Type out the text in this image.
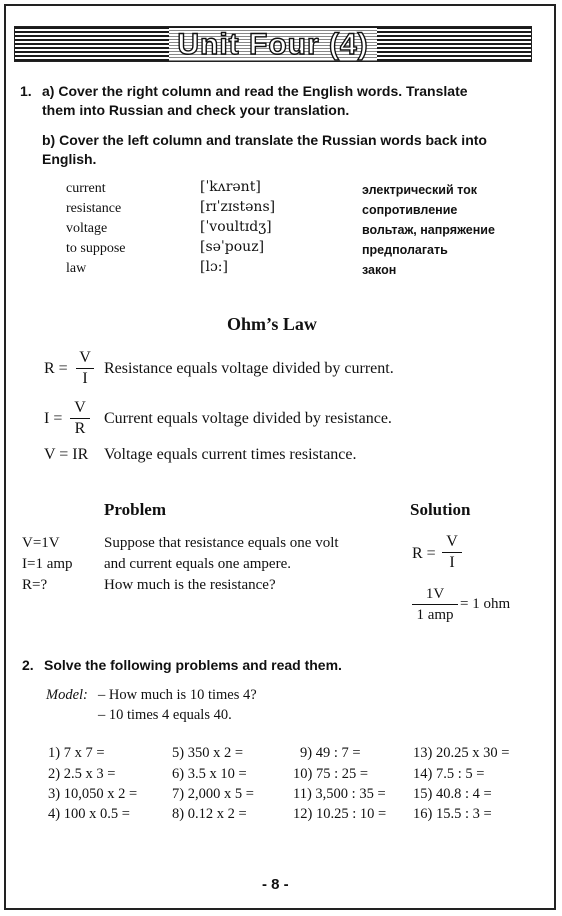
Unit Four (4)
1. a) Cover the right column and read the English words. Translate
them into Russian and check your translation.
b) Cover the left column and translate the Russian words back into
English.
current	[ˈkʌrənt]	электрический ток
resistance	[rɪˈzɪstəns]	сопротивление
voltage	[ˈvoultɪdʒ]	вольтаж, напряжение
to suppose	[səˈpouz]	предполагать
law	[lɔ:]	закон
Ohm’s Law
R =
V
I
Resistance equals voltage divided by current.
I =
V
R
Current equals voltage divided by resistance.
V = IR Voltage equals current times resistance.
Problem	Solution
V=1V
I=1 amp
R=?
Suppose that resistance equals one volt
and current equals one ampere.
How much is the resistance?
R =
V
I
1V
1 amp
= 1 ohm
2. Solve the following problems and read them.
Model: – How much is 10 times 4?
– 10 times 4 equals 40.
1) 7 x 7 =	5) 350 x 2 =	9) 49 : 7 =	13) 20.25 x 30 =
2) 2.5 x 3 =	6) 3.5 x 10 =	10) 75 : 25 =	14) 7.5 : 5 =
3) 10,050 x 2 = 7) 2,000 x 5 =	11) 3,500 : 35 = 15) 40.8 : 4 =
4) 100 x 0.5 =	8) 0.12 x 2 =	12) 10.25 : 10 = 16) 15.5 : 3 =
- 8 -
